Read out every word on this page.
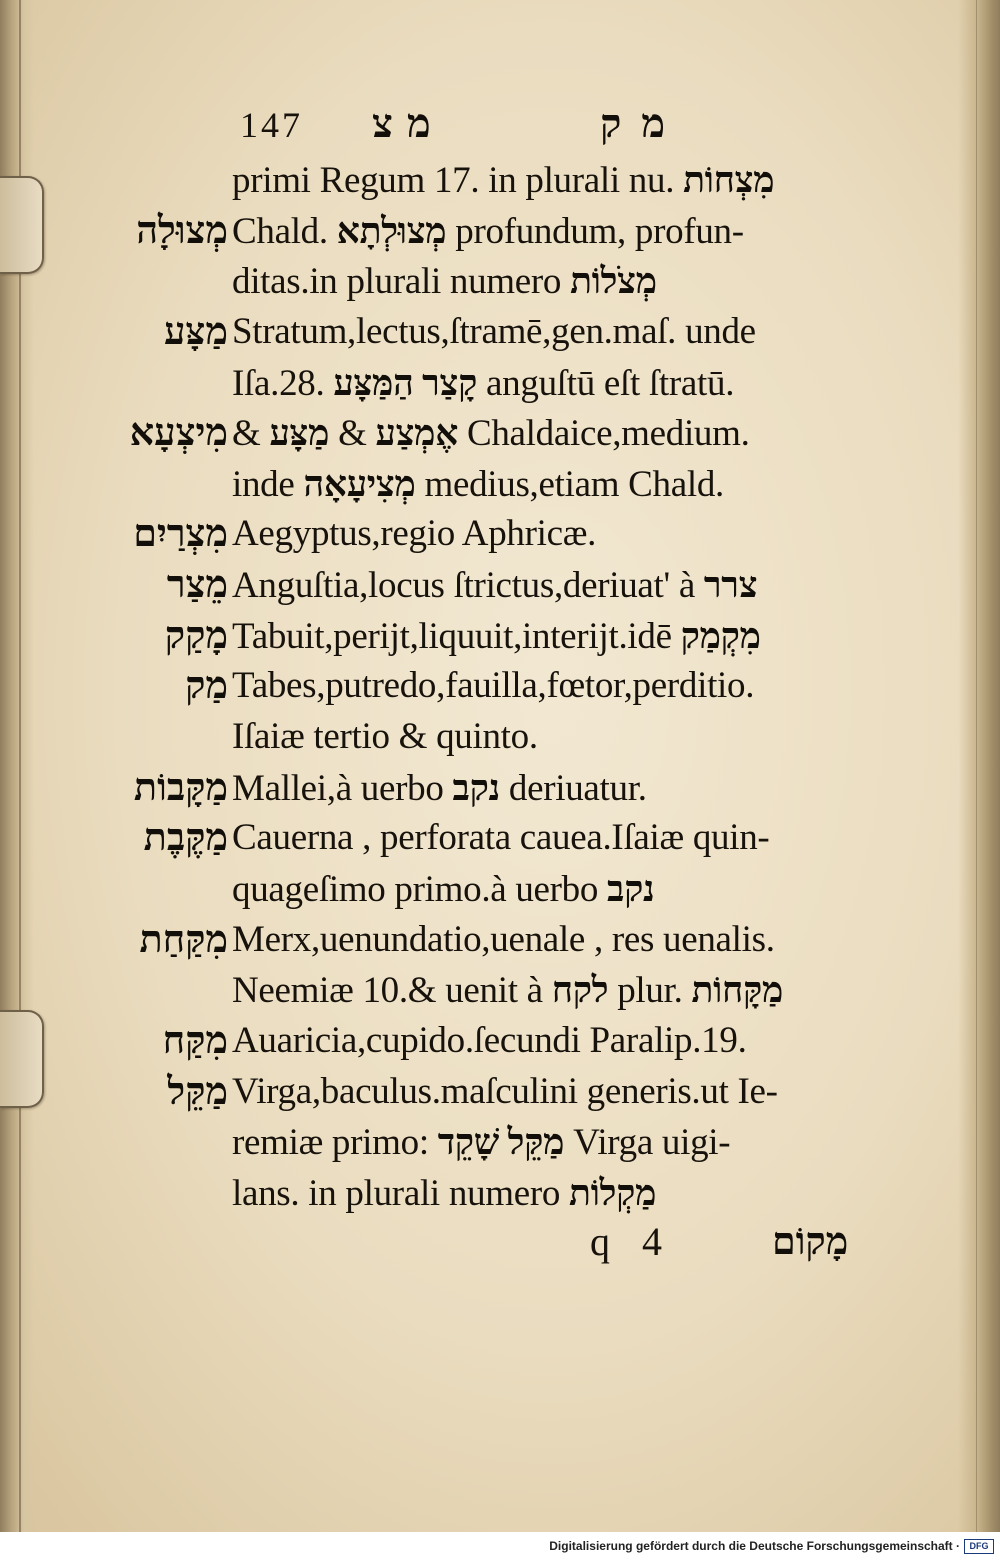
147 מצ	מק
primi Regum 17. in plurali nu. מִצְחוֹת
מְצוּלָה Chald. מְצוּלְתָא profundum, profun-
ditas.in plurali numero מְצֹלוֹת
מַצָּע Stratum,lectus,ſtramē,gen.maſ. unde
Iſa.28. קָצַר הַמַּצָּע anguſtū eſt ſtratū.
מִיצְעָא & מַצָּע & אֶמְצַע Chaldaice,medium.
inde מְצִיעָאָה medius,etiam Chald.
מִצְרַיִם Aegyptus,regio Aphricæ.
מֵצַר Anguſtia,locus ſtrictus,deriuat' à צרר
מָקַק Tabuit,perĳt,liquuit,interĳt.idē מִקְמַק
מַק Tabes,putredo,fauilla,fœtor,perditio.
Iſaiæ tertio & quinto.
מַקָּבוֹת Mallei,à uerbo נקב deriuatur.
מַקֶּבֶת Cauerna , perforata cauea.Iſaiæ quin-
quageſimo primo.à uerbo נקב
מִקַּחַת Merx,uenundatio,uenale , res uenalis.
Neemiæ 10.& uenit à לקח plur. מַקָּחוֹת
מִקַּח Auaricia,cupido.ſecundi Paralip.19.
מַקֵּל Virga,baculus.maſculini generis.ut Ie-
remiæ primo: מַקֵּל שָׁקֵד Virga uigi-
lans. in plurali numero מַקְלוֹת
q 4	מָקוֹם
Digitalisierung gefördert durch die Deutsche Forschungsgemeinschaft ·	DFG
